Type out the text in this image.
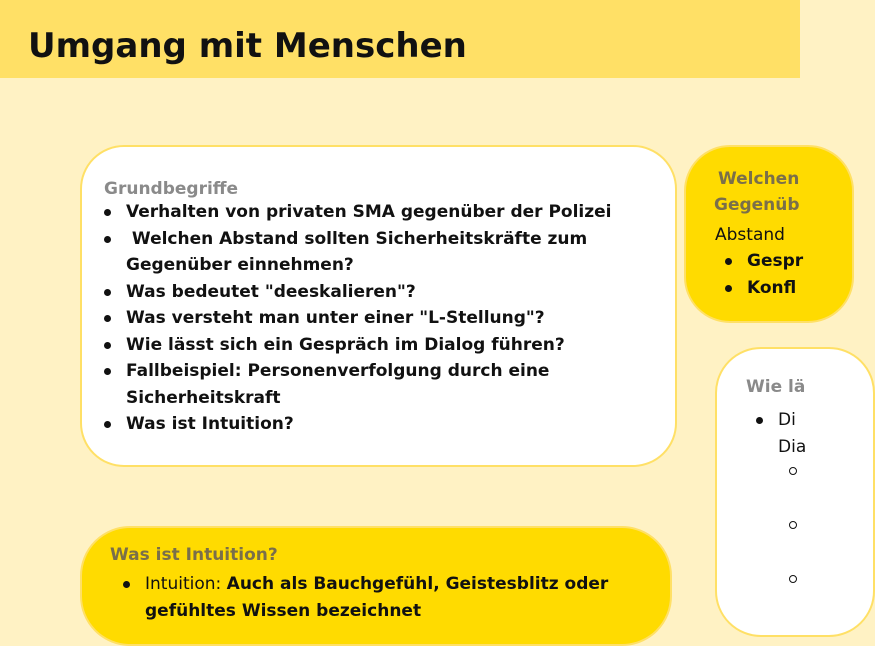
Umgang mit Menschen
Grundbegriffe
Verhalten von privaten SMA gegenüber der Polizei
Welchen Abstand sollten Sicherheitskräfte zum
Gegenüber einnehmen?
Was bedeutet "deeskalieren"?
Was versteht man unter einer "L-Stellung"?
Wie lässt sich ein Gespräch im Dialog führen?
Fallbeispiel: Personenverfolgung durch eine
Sicherheitskraft
Was ist Intuition?
Was ist Intuition?
Intuition: Auch als Bauchgefühl, Geistesblitz oder
gefühltes Wissen bezeichnet
Welchen
Gegenüb
Abstand
Gespr
Konfl
Wie lä
Di
Dia
